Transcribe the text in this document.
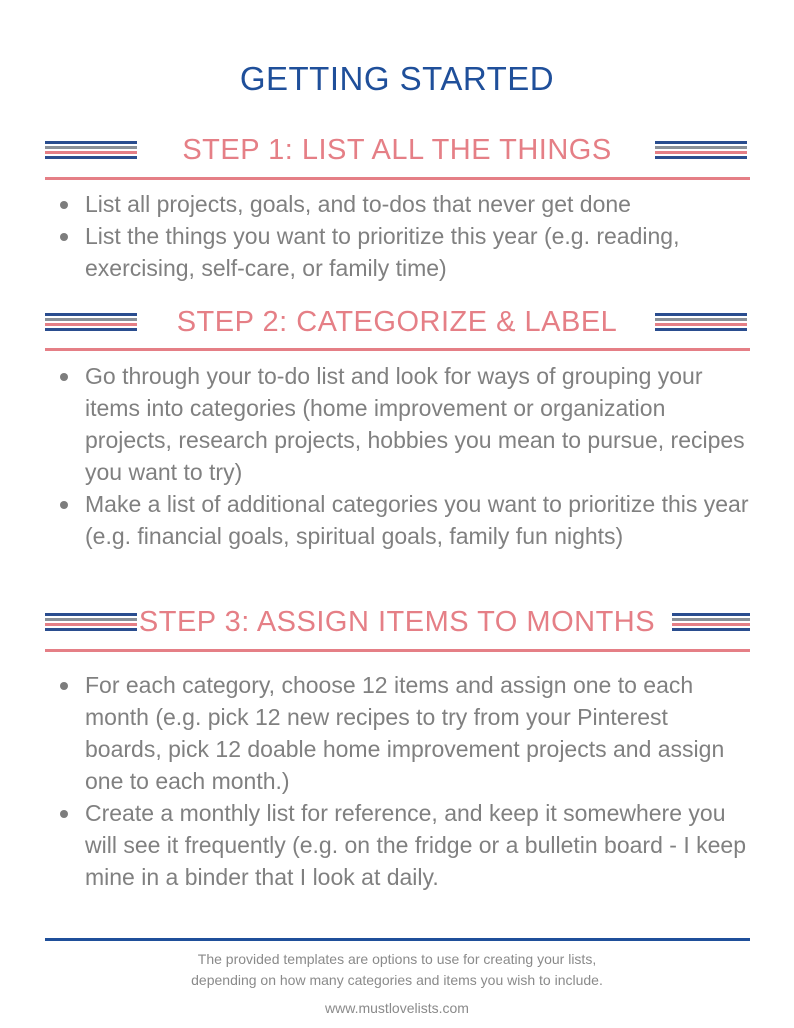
GETTING STARTED
STEP 1: LIST ALL THE THINGS
List all projects, goals, and to-dos that never get done
List the things you want to prioritize this year (e.g. reading, exercising, self-care, or family time)
STEP 2: CATEGORIZE & LABEL
Go through your to-do list and look for ways of grouping your items into categories (home improvement or organization projects, research projects, hobbies you mean to pursue, recipes you want to try)
Make a list of additional categories you want to prioritize this year (e.g. financial goals, spiritual goals, family fun nights)
STEP 3: ASSIGN ITEMS TO MONTHS
For each category, choose 12 items and assign one to each month (e.g. pick 12 new recipes to try from your Pinterest boards, pick 12 doable home improvement projects and assign one to each month.)
Create a monthly list for reference, and keep it somewhere you will see it frequently (e.g. on the fridge or a bulletin board - I keep mine in a binder that I look at daily.
The provided templates are options to use for creating your lists,
depending on how many categories and items you wish to include.
www.mustlovelists.com
